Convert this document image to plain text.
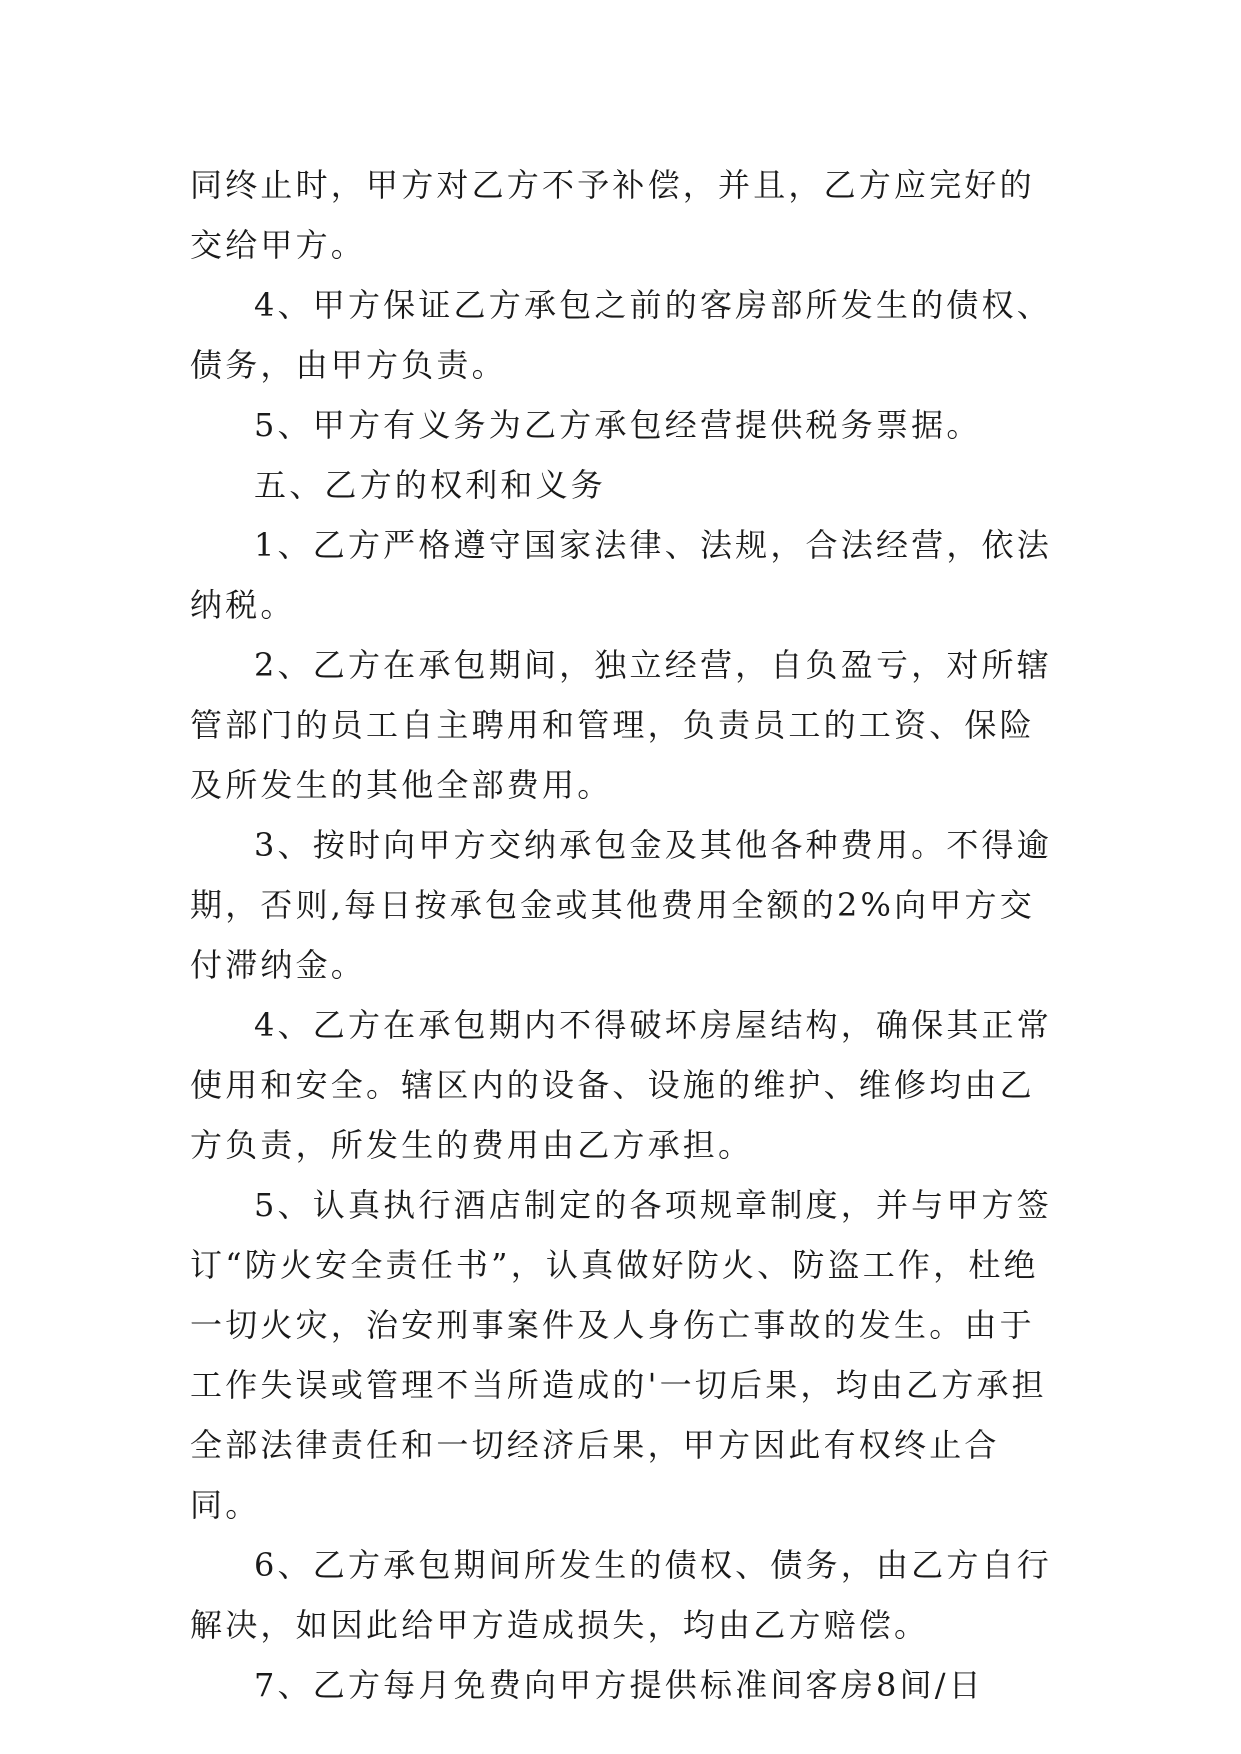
同终止时，甲方对乙方不予补偿，并且，乙方应完好的交给甲方。

4、甲方保证乙方承包之前的客房部所发生的债权、债务，由甲方负责。

5、甲方有义务为乙方承包经营提供税务票据。

五、乙方的权利和义务

1、乙方严格遵守国家法律、法规，合法经营，依法纳税。

2、乙方在承包期间，独立经营，自负盈亏，对所辖管部门的员工自主聘用和管理，负责员工的工资、保险及所发生的其他全部费用。

3、按时向甲方交纳承包金及其他各种费用。不得逾期，否则,每日按承包金或其他费用全额的2%向甲方交付滞纳金。

4、乙方在承包期内不得破坏房屋结构，确保其正常使用和安全。辖区内的设备、设施的维护、维修均由乙方负责，所发生的费用由乙方承担。

5、认真执行酒店制定的各项规章制度，并与甲方签订“防火安全责任书”，认真做好防火、防盗工作，杜绝一切火灾，治安刑事案件及人身伤亡事故的发生。由于工作失误或管理不当所造成的'一切后果，均由乙方承担全部法律责任和一切经济后果，甲方因此有权终止合同。

6、乙方承包期间所发生的债权、债务，由乙方自行解决，如因此给甲方造成损失，均由乙方赔偿。

7、乙方每月免费向甲方提供标准间客房8间/日
